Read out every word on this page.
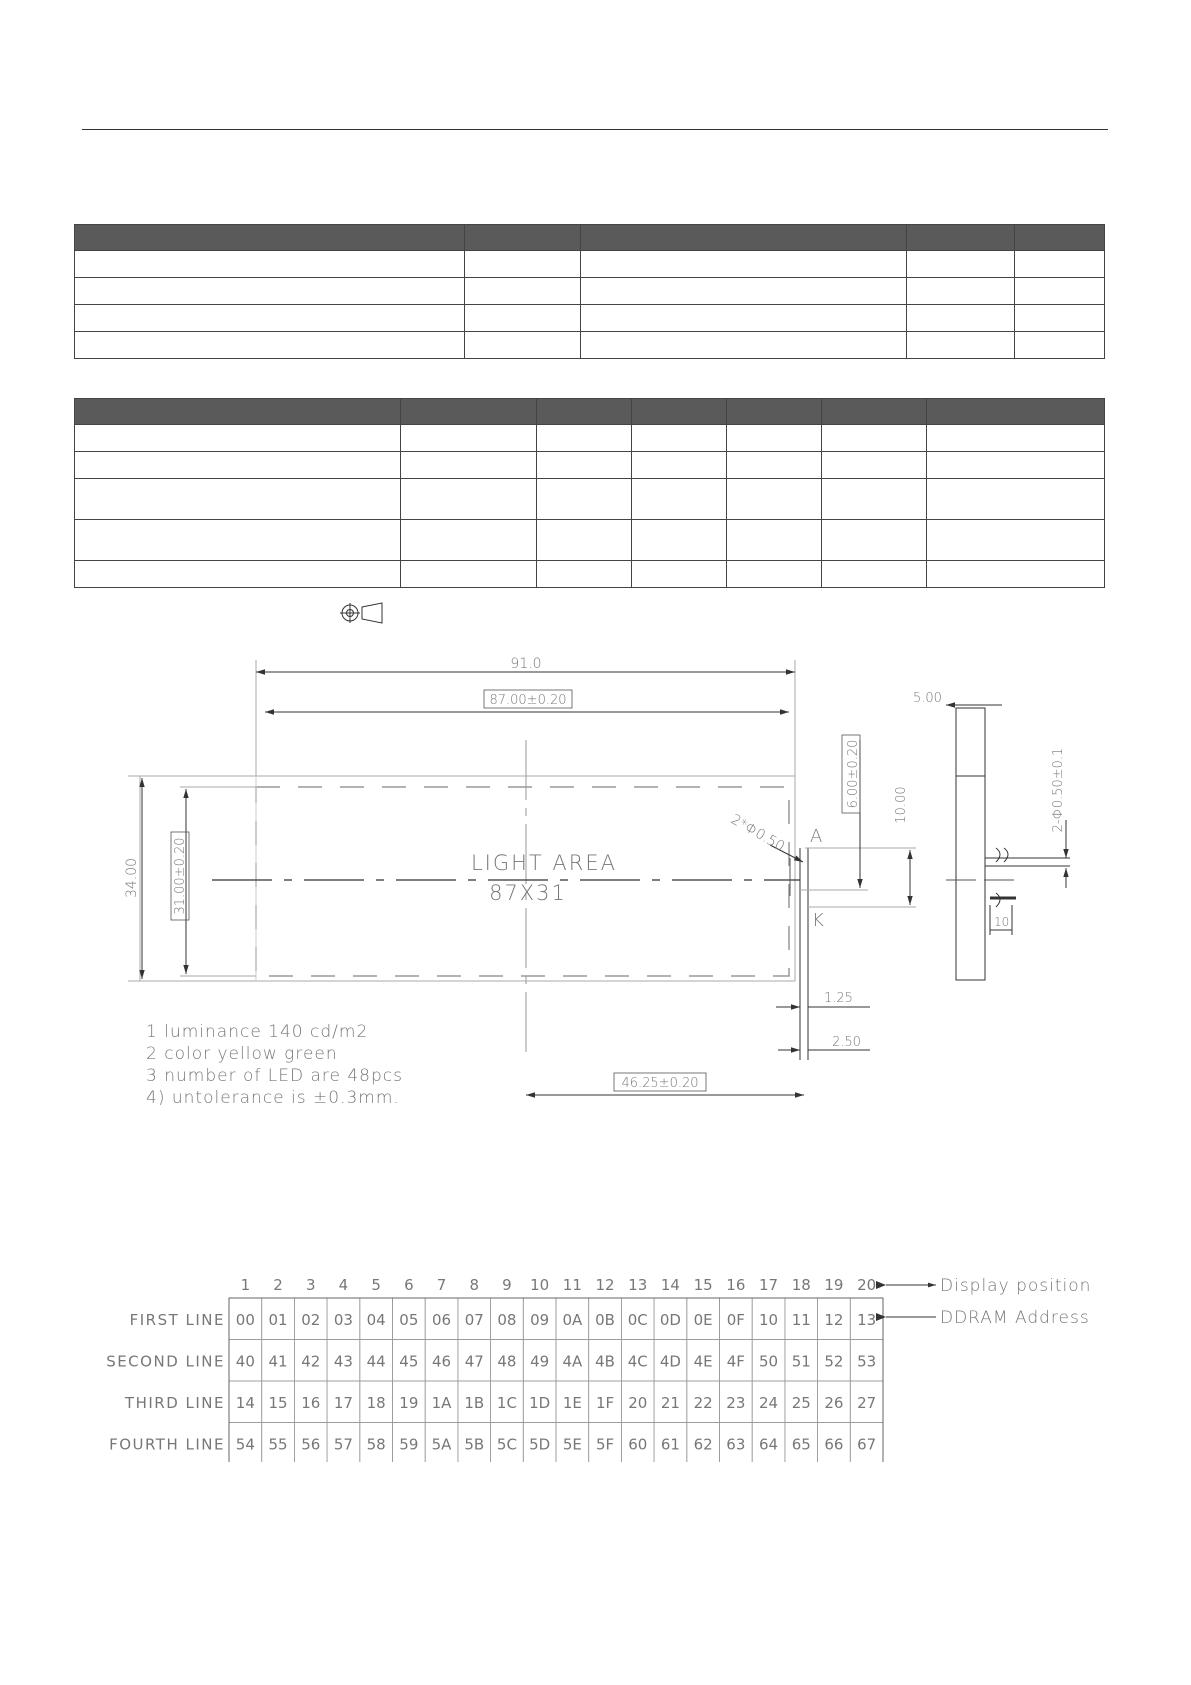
91.0
87.00±0.20
34.00	31.00±0.20	LIGHT AREA
87X31
A
K
2*Φ0.50
6.00±0.20	10.00
1.25
2.50
46.25±0.20
5.00
2-Φ0.50±0.1
10
1 luminance 140 cd/m2
2 color yellow green
3 number of LED are 48pcs
4) untolerance is ±0.3mm.
1 2 3 4 5 6 7 8 9 10 11 12 13 14 15 16 17 18 19 20
FIRST LINE 00 01 02 03 04 05 06 07 08 09 0A 0B 0C 0D 0E 0F 10 11 12 13
SECOND LINE 40 41 42 43 44 45 46 47 48 49 4A 4B 4C 4D 4E 4F 50 51 52 53
THIRD LINE 14 15 16 17 18 19 1A 1B 1C 1D 1E 1F 20 21 22 23 24 25 26 27
FOURTH LINE 54 55 56 57 58 59 5A 5B 5C 5D 5E 5F 60 61 62 63 64 65 66 67
Display position
DDRAM Address
